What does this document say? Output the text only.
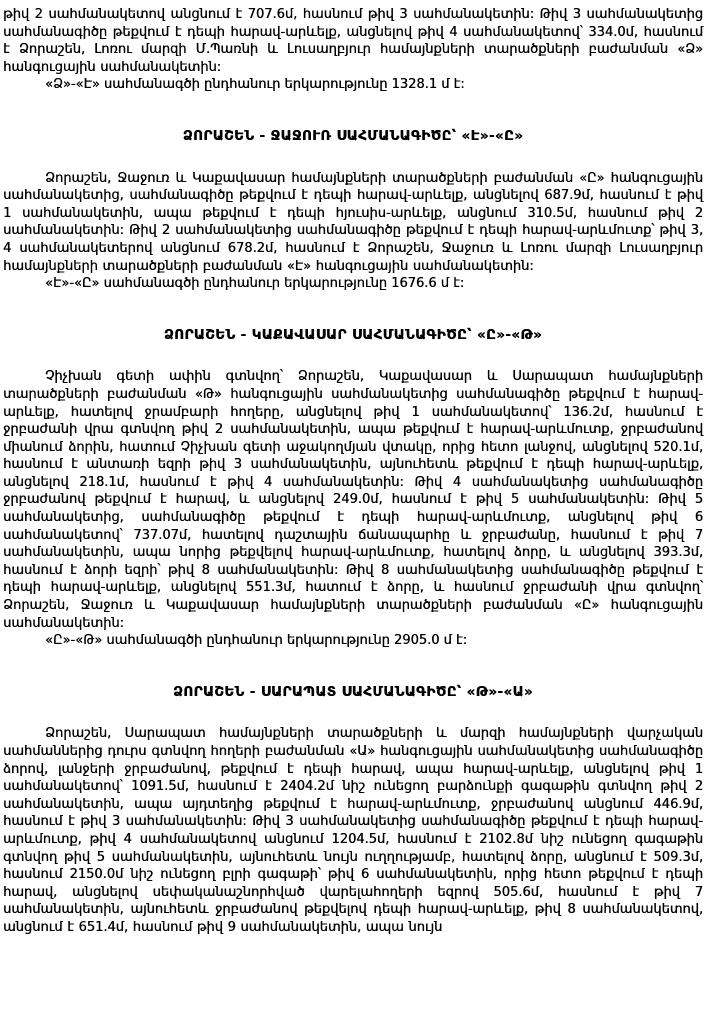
թիվ 2 սահմանակետով անցնում է 707.6մ, հասնում թիվ 3 սահմանակետին: Թիվ 3 սահմանակետից սահմանագիծը թեքվում է դեպի հարավ-արևելք, անցնելով թիվ 4 սահմանակետով՝ 334.0մ, հասնում է Ձորաշեն, Լոռու մարզի Մ.Պառնի և Լուսաղբյուր համայնքների տարածքների բաժանման «Ձ» հանգուցային սահմանակետին:

«Ձ»-«Է» սահմանագծի ընդհանուր երկարությունը 1328.1 մ է:

ՁՈՐԱՇԵՆ - ՋԱՋՈՒՌ ՍԱՀՄԱՆԱԳԻԾԸ՝ «Է»-«Ը»

Ձորաշեն, Ջաջուռ և Կաքավասար համայնքների տարածքների բաժանման «Ը» հանգուցային սահմանակետից, սահմանագիծը թեքվում է դեպի հարավ-արևելք, անցնելով 687.9մ, հասնում է թիվ 1 սահմանակետին, ապա թեքվում է դեպի հյուսիս-արևելք, անցնում 310.5մ, հասնում թիվ 2 սահմանակետին: Թիվ 2 սահմանակետից սահմանագիծը թեքվում է դեպի հարավ-արևմուտք՝ թիվ 3, 4 սահմանակետերով անցնում 678.2մ, հասնում է Ձորաշեն, Ջաջուռ և Լոռու մարզի Լուսաղբյուր համայնքների տարածքների բաժանման «Է» հանգուցային սահմանակետին:

«Է»-«Ը» սահմանագծի ընդհանուր երկարությունը 1676.6 մ է:

ՁՈՐԱՇԵՆ - ԿԱՔԱՎԱՍԱՐ ՍԱՀՄԱՆԱԳԻԾԸ՝ «Ը»-«Թ»

Չիչխան գետի ափին գտնվող՝ Ձորաշեն, Կաքավասար և Սարապատ համայնքների տարածքների բաժանման «Թ» հանգուցային սահմանակետից սահմանագիծը թեքվում է հարավ-արևելք, հատելով ջրամբարի հողերը, անցնելով թիվ 1 սահմանակետով՝ 136.2մ, հասնում է ջրբաժանի վրա գտնվող թիվ 2 սահմանակետին, ապա թեքվում է հարավ-արևմուտք, ջրբաժանով միանում ձորին, հատում Չիչխան գետի աջակողմյան վտակը, որից հետո լանջով, անցնելով 520.1մ, հասնում է անտառի եզրի թիվ 3 սահմանակետին, այնուհետև թեքվում է դեպի հարավ-արևելք, անցնելով 218.1մ, հասնում է թիվ 4 սահմանակետին: Թիվ 4 սահմանակետից սահմանագիծը ջրբաժանով թեքվում է հարավ, և անցնելով 249.0մ, հասնում է թիվ 5 սահմանակետին: Թիվ 5 սահմանակետից, սահմանագիծը թեքվում է դեպի հարավ-արևմուտք, անցնելով թիվ 6 սահմանակետով՝ 737.07մ, հատելով դաշտային ճանապարհը և ջրբաժանը, հասնում է թիվ 7 սահմանակետին, ապա նորից թեքվելով հարավ-արևմուտք, հատելով ձորը, և անցնելով 393.3մ, հասնում է ձորի եզրի՝ թիվ 8 սահմանակետին: Թիվ 8 սահմանակետից սահմանագիծը թեքվում է դեպի հարավ-արևելք, անցնելով 551.3մ, հատում է ձորը, և հասնում ջրբաժանի վրա գտնվող՝ Ձորաշեն, Ջաջուռ և Կաքավասար համայնքների տարածքների բաժանման «Ը» հանգուցային սահմանակետին:

«Ը»-«Թ» սահմանագծի ընդհանուր երկարությունը 2905.0 մ է:

ՁՈՐԱՇԵՆ - ՍԱՐԱՊԱՏ ՍԱՀՄԱՆԱԳԻԾԸ՝ «Թ»-«Ա»

Ձորաշեն, Սարապատ համայնքների տարածքների և մարզի համայնքների վարչական սահմաններից դուրս գտնվող հողերի բաժանման «Ա» հանգուցային սահմանակետից սահմանագիծը ձորով, լանջերի ջրբաժանով, թեքվում է դեպի հարավ, ապա հարավ-արևելք, անցնելով թիվ 1 սահմանակետով՝ 1091.5մ, հասնում է 2404.2մ նիշ ունեցող բարձունքի գագաթին գտնվող թիվ 2 սահմանակետին, ապա այդտեղից թեքվում է հարավ-արևմուտք, ջրբաժանով անցնում 446.9մ, հասնում է թիվ 3 սահմանակետին: Թիվ 3 սահմանակետից սահմանագիծը թեքվում է դեպի հարավ-արևմուտք, թիվ 4 սահմանակետով անցնում 1204.5մ, հասնում է 2102.8մ նիշ ունեցող գագաթին գտնվող թիվ 5 սահմանակետին, այնուհետև նույն ուղղությամբ, հատելով ձորը, անցնում է 509.3մ, հասնում 2150.0մ նիշ ունեցող բլրի գագաթի՝ թիվ 6 սահմանակետին, որից հետո թեքվում է դեպի հարավ, անցնելով սեփականաշնորհված վարելահողերի եզրով 505.6մ, հասնում է թիվ 7 սահմանակետին, այնուհետև ջրբաժանով թեքվելով դեպի հարավ-արևելք, թիվ 8 սահմանակետով, անցնում է 651.4մ, հասնում թիվ 9 սահմանակետին, ապա նույն
